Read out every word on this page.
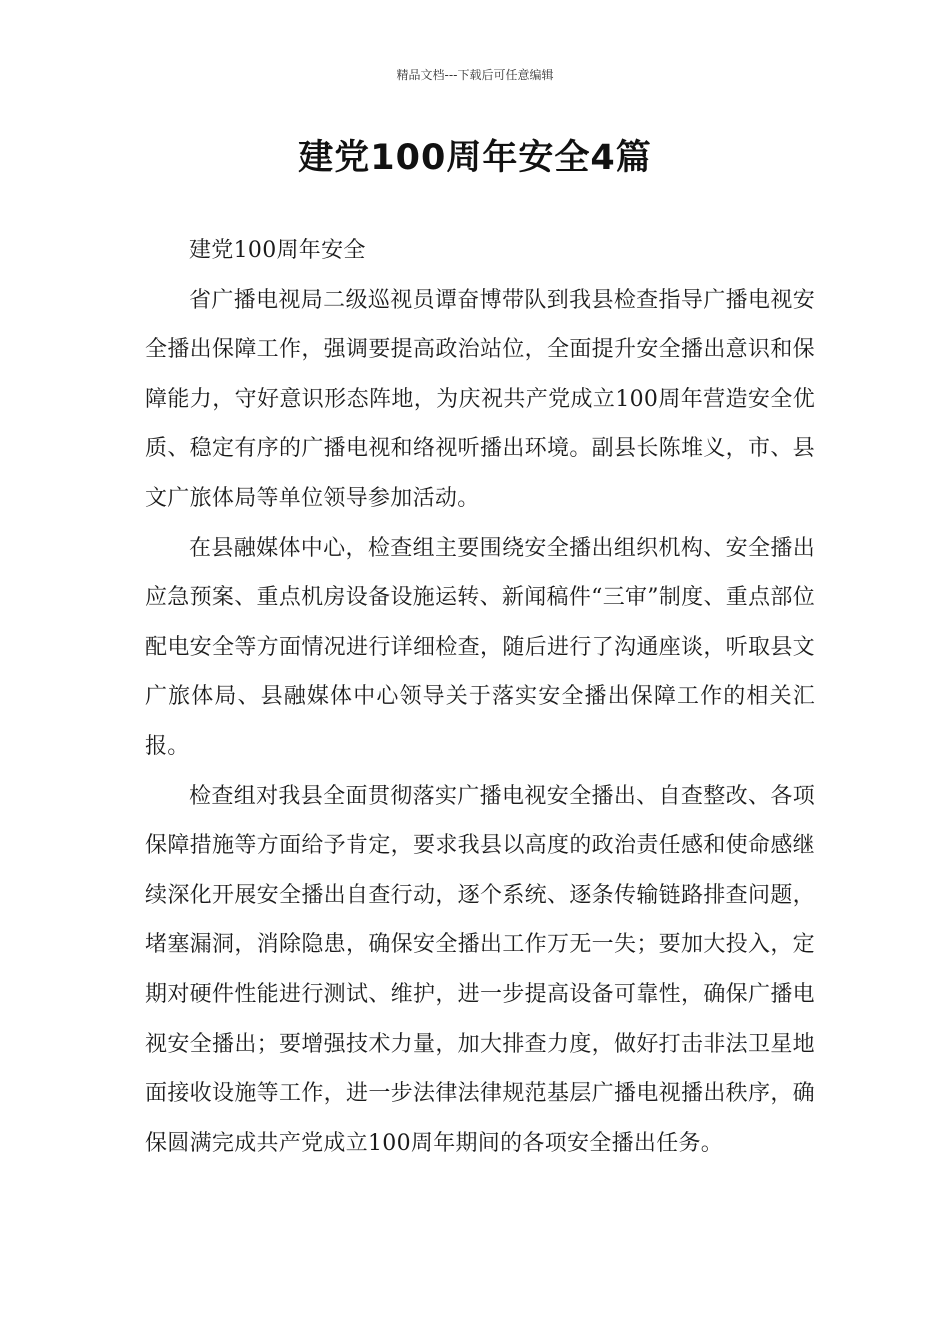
精品文档---下载后可任意编辑
建党100周年安全4篇

建党100周年安全

省广播电视局二级巡视员谭奋博带队到我县检查指导广播电视安全播出保障工作，强调要提高政治站位，全面提升安全播出意识和保障能力，守好意识形态阵地，为庆祝共产党成立100周年营造安全优质、稳定有序的广播电视和络视听播出环境。副县长陈堆义，市、县文广旅体局等单位领导参加活动。

在县融媒体中心，检查组主要围绕安全播出组织机构、安全播出应急预案、重点机房设备设施运转、新闻稿件“三审”制度、重点部位配电安全等方面情况进行详细检查，随后进行了沟通座谈，听取县文广旅体局、县融媒体中心领导关于落实安全播出保障工作的相关汇报。

检查组对我县全面贯彻落实广播电视安全播出、自查整改、各项保障措施等方面给予肯定，要求我县以高度的政治责任感和使命感继续深化开展安全播出自查行动，逐个系统、逐条传输链路排查问题，堵塞漏洞，消除隐患，确保安全播出工作万无一失；要加大投入，定期对硬件性能进行测试、维护，进一步提高设备可靠性，确保广播电视安全播出；要增强技术力量，加大排查力度，做好打击非法卫星地面接收设施等工作，进一步法律法律规范基层广播电视播出秩序，确保圆满完成共产党成立100周年期间的各项安全播出任务。
